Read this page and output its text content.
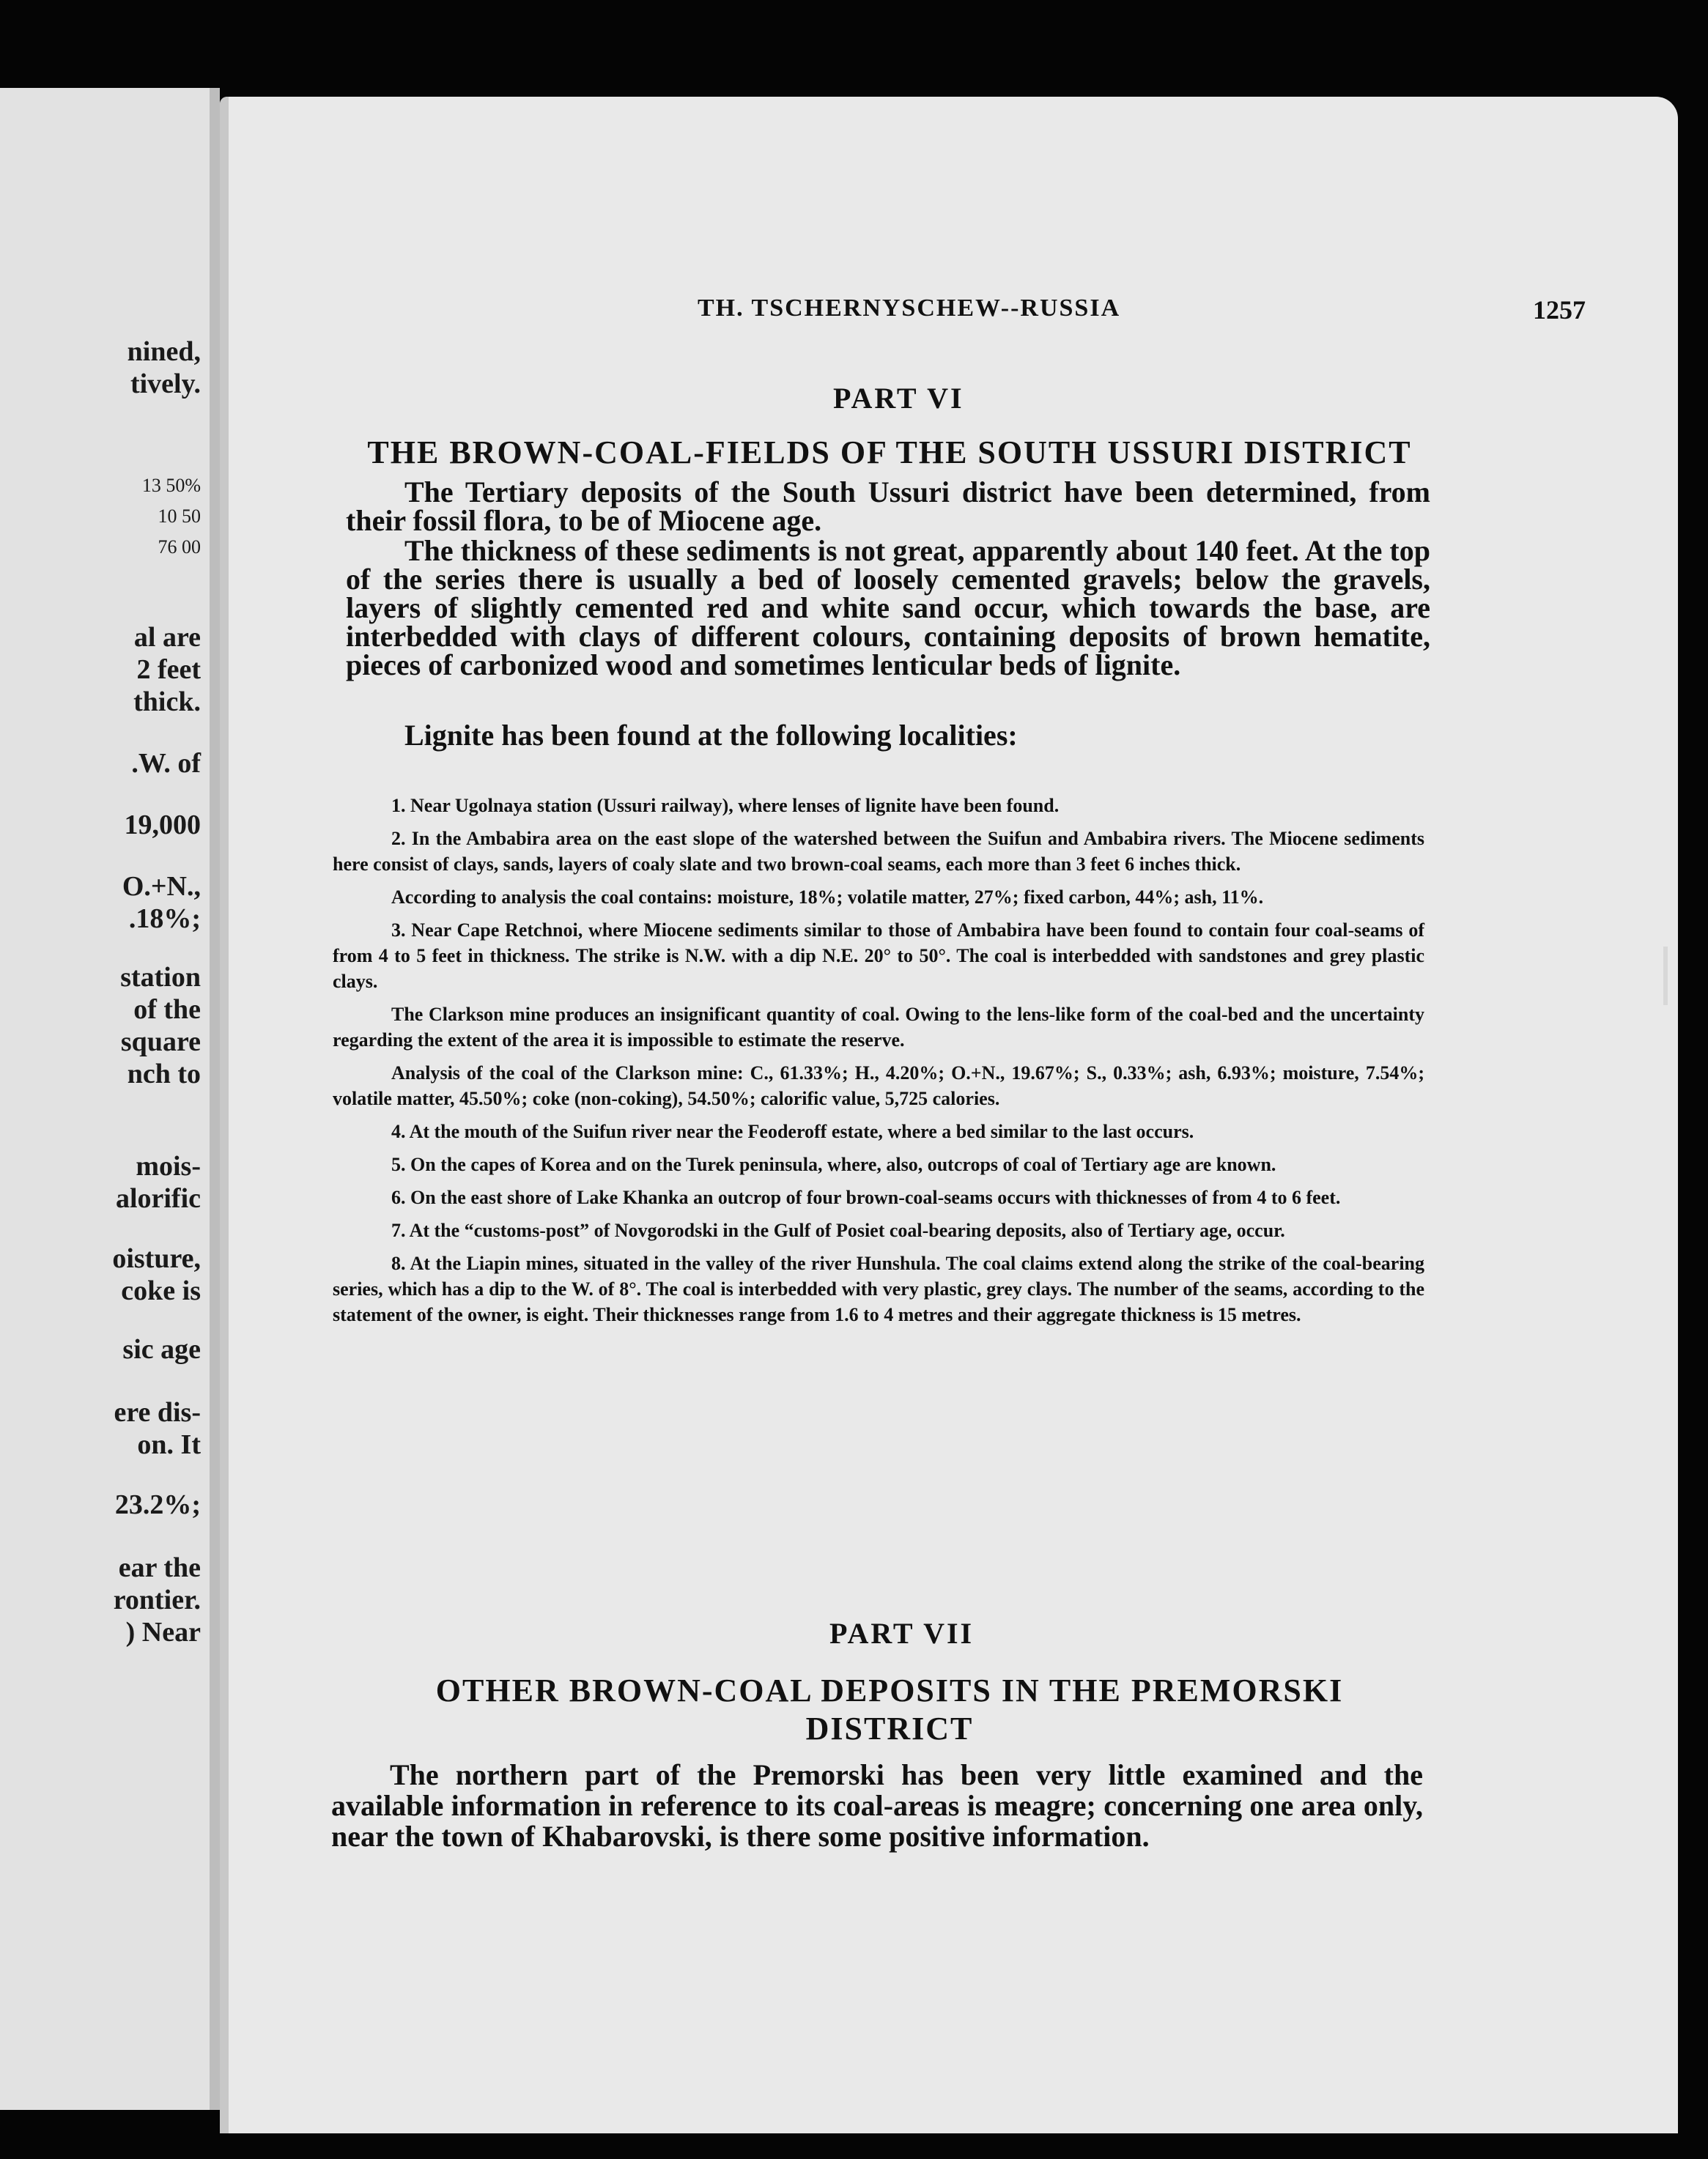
nined,
tively.
13 50%
10 50
76 00
al are
2 feet
thick.
.W. of
19,000
O.+N.,
.18%;
station
of the
square
nch to
mois-
alorific
oisture,
coke is
sic age
ere dis-
on. It
23.2%;
ear the
rontier.
) Near
TH. TSCHERNYSCHEW--RUSSIA	1257
PART VI
THE BROWN-COAL-FIELDS OF THE SOUTH USSURI DISTRICT
The Tertiary deposits of the South Ussuri district have been determined, from their fossil flora, to be of Miocene age.
The thickness of these sediments is not great, apparently about 140 feet. At the top of the series there is usually a bed of loosely cemented gravels; below the gravels, layers of slightly cemented red and white sand occur, which towards the base, are interbedded with clays of different colours, containing deposits of brown hematite, pieces of carbonized wood and sometimes lenticular beds of lignite.
Lignite has been found at the following localities:

1. Near Ugolnaya station (Ussuri railway), where lenses of lignite have been found.

2. In the Ambabira area on the east slope of the watershed between the Suifun and Ambabira rivers. The Miocene sediments here consist of clays, sands, layers of coaly slate and two brown-coal seams, each more than 3 feet 6 inches thick.

According to analysis the coal contains: moisture, 18%; volatile matter, 27%; fixed carbon, 44%; ash, 11%.

3. Near Cape Retchnoi, where Miocene sediments similar to those of Ambabira have been found to contain four coal-seams of from 4 to 5 feet in thickness. The strike is N.W. with a dip N.E. 20° to 50°. The coal is interbedded with sandstones and grey plastic clays.

The Clarkson mine produces an insignificant quantity of coal. Owing to the lens-like form of the coal-bed and the uncertainty regarding the extent of the area it is impossible to estimate the reserve.

Analysis of the coal of the Clarkson mine: C., 61.33%; H., 4.20%; O.+N., 19.67%; S., 0.33%; ash, 6.93%; moisture, 7.54%; volatile matter, 45.50%; coke (non-coking), 54.50%; calorific value, 5,725 calories.

4. At the mouth of the Suifun river near the Feoderoff estate, where a bed similar to the last occurs.

5. On the capes of Korea and on the Turek peninsula, where, also, outcrops of coal of Tertiary age are known.

6. On the east shore of Lake Khanka an outcrop of four brown-coal-seams occurs with thicknesses of from 4 to 6 feet.

7. At the “customs-post” of Novgorodski in the Gulf of Posiet coal-bearing deposits, also of Tertiary age, occur.

8. At the Liapin mines, situated in the valley of the river Hunshula. The coal claims extend along the strike of the coal-bearing series, which has a dip to the W. of 8°. The coal is interbedded with very plastic, grey clays. The number of the seams, according to the statement of the owner, is eight. Their thicknesses range from 1.6 to 4 metres and their aggregate thickness is 15 metres.

PART VII
OTHER BROWN-COAL DEPOSITS IN THE PREMORSKI
DISTRICT
The northern part of the Premorski has been very little examined and the available information in reference to its coal-areas is meagre; concerning one area only, near the town of Khabarovski, is there some positive information.
